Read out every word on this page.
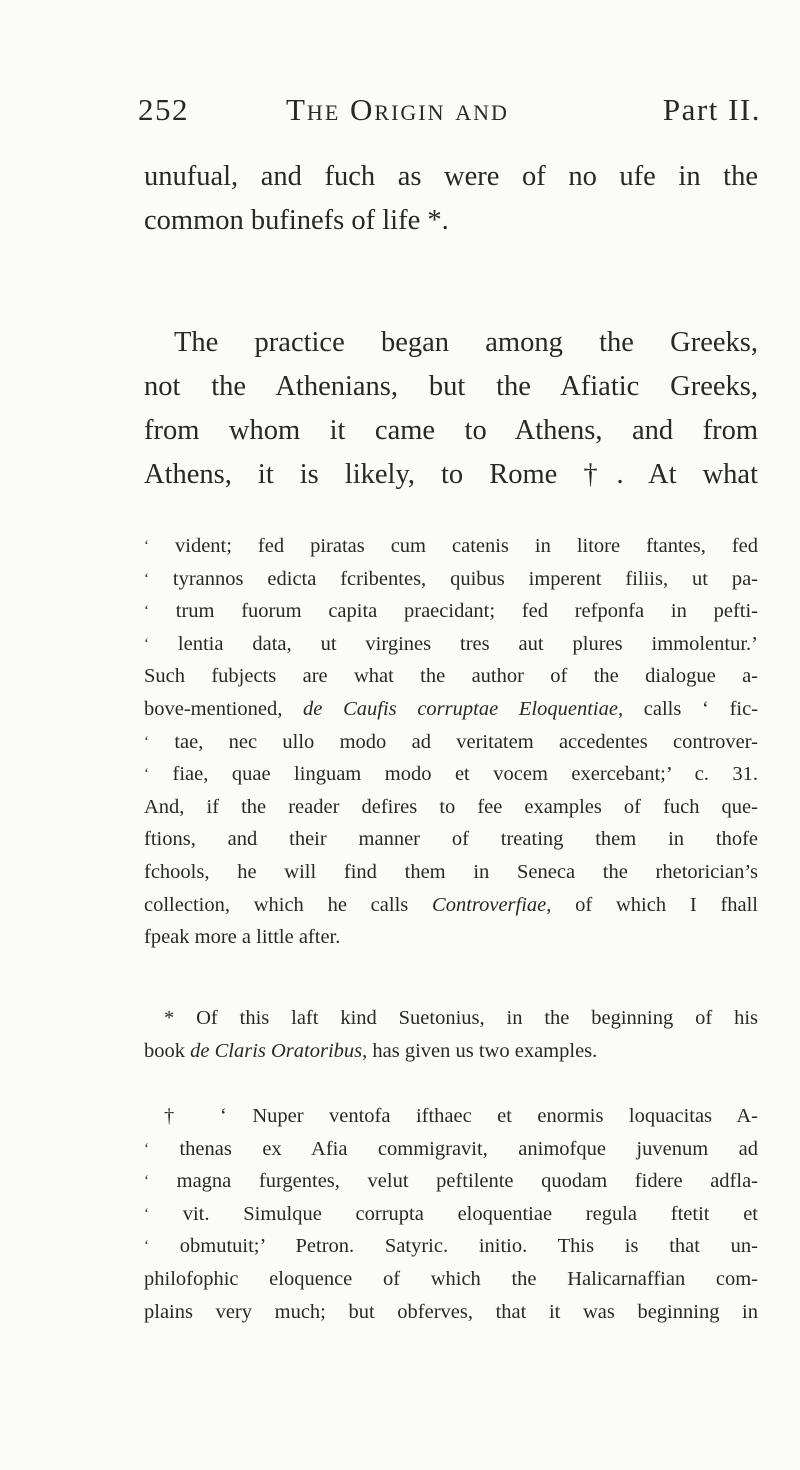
252	The Origin and	Part II.
unufual, and fuch as were of no ufe in the
common bufinefs of life *.
The practice began among the Greeks,
not the Athenians, but the Afiatic Greeks,
from whom it came to Athens, and from
Athens, it is likely, to Rome †. At what
‘ vident; fed piratas cum catenis in litore ftantes, fed
‘ tyrannos edicta fcribentes, quibus imperent filiis, ut pa-
‘ trum fuorum capita praecidant; fed refponfa in pefti-
‘ lentia data, ut virgines tres aut plures immolentur.’
Such fubjects are what the author of the dialogue a-
bove-mentioned, de Caufis corruptae Eloquentiae, calls ‘ fic-
‘ tae, nec ullo modo ad veritatem accedentes controver-
‘ fiae, quae linguam modo et vocem exercebant;’ c. 31.
And, if the reader defires to fee examples of fuch que-
ftions, and their manner of treating them in thofe
fchools, he will find them in Seneca the rhetorician’s
collection, which he calls Controverfiae, of which I fhall
fpeak more a little after.
* Of this laft kind Suetonius, in the beginning of his
book de Claris Oratoribus, has given us two examples.
† ‘ Nuper ventofa ifthaec et enormis loquacitas A-
‘ thenas ex Afia commigravit, animofque juvenum ad
‘ magna furgentes, velut peftilente quodam fidere adfla-
‘ vit. Simulque corrupta eloquentiae regula ftetit et
‘ obmutuit;’ Petron. Satyric. initio. This is that un-
philofophic eloquence of which the Halicarnaffian com-
plains very much; but obferves, that it was beginning in
